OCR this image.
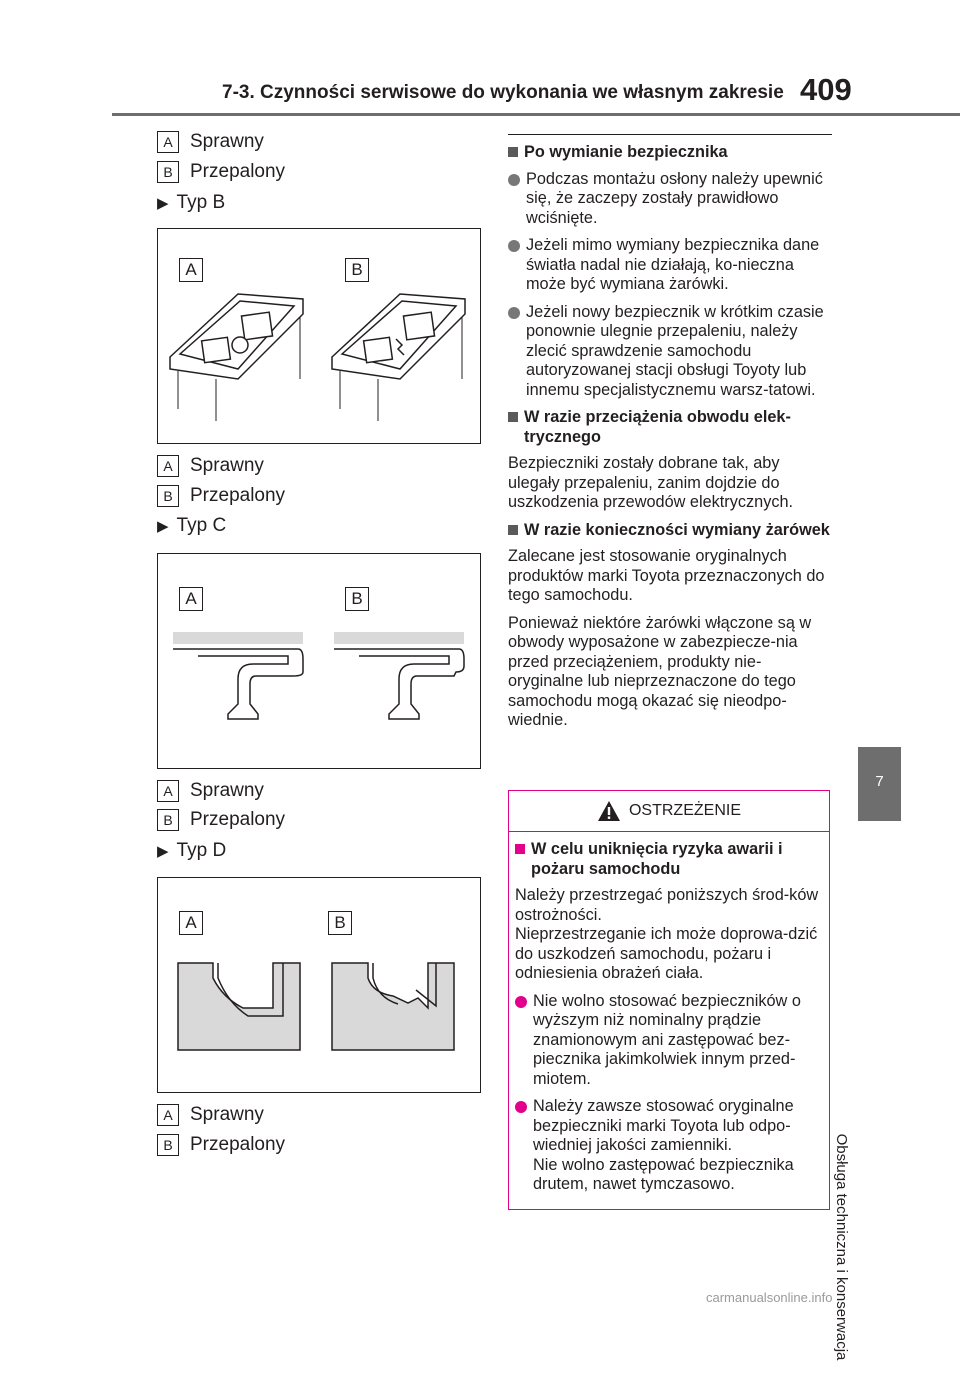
7-3. Czynności serwisowe do wykonania we własnym zakresie 409
7
Obsługa techniczna i konserwacja
A Sprawny
B Przepalony
▶ Typ B
A	B
A Sprawny
B Przepalony
▶ Typ C
A	B
A Sprawny
B Przepalony
▶ Typ D
A	B
A Sprawny
B Przepalony
Po wymianie bezpiecznika
Podczas montażu osłony należy upewnić się, że zaczepy zostały prawidłowo wciśnięte.
Jeżeli mimo wymiany bezpiecznika dane światła nadal nie działają, ko-nieczna może być wymiana żarówki.
Jeżeli nowy bezpiecznik w krótkim czasie ponownie ulegnie przepaleniu, należy zlecić sprawdzenie samochodu autoryzowanej stacji obsługi Toyoty lub innemu specjalistycznemu warsz-tatowi.
W razie przeciążenia obwodu elek-trycznego

Bezpieczniki zostały dobrane tak, aby ulegały przepaleniu, zanim dojdzie do uszkodzenia przewodów elektrycznych.

W razie konieczności wymiany żarówek

Zalecane jest stosowanie oryginalnych produktów marki Toyota przeznaczonych do tego samochodu.

Ponieważ niektóre żarówki włączone są w obwody wyposażone w zabezpiecze-nia przed przeciążeniem, produkty nie-oryginalne lub nieprzeznaczone do tego samochodu mogą okazać się nieodpo-wiednie.

OSTRZEŻENIE
W celu uniknięcia ryzyka awarii i pożaru samochodu

Należy przestrzegać poniższych środ-ków ostrożności.

Nieprzestrzeganie ich może doprowa-dzić do uszkodzeń samochodu, pożaru i odniesienia obrażeń ciała.

Nie wolno stosować bezpieczników o wyższym niż nominalny prądzie znamionowym ani zastępować bez-piecznika jakimkolwiek innym przed-miotem.
Należy zawsze stosować oryginalne bezpieczniki marki Toyota lub odpo-wiedniej jakości zamienniki.
Nie wolno zastępować bezpiecznika drutem, nawet tymczasowo.
carmanualsonline.info
